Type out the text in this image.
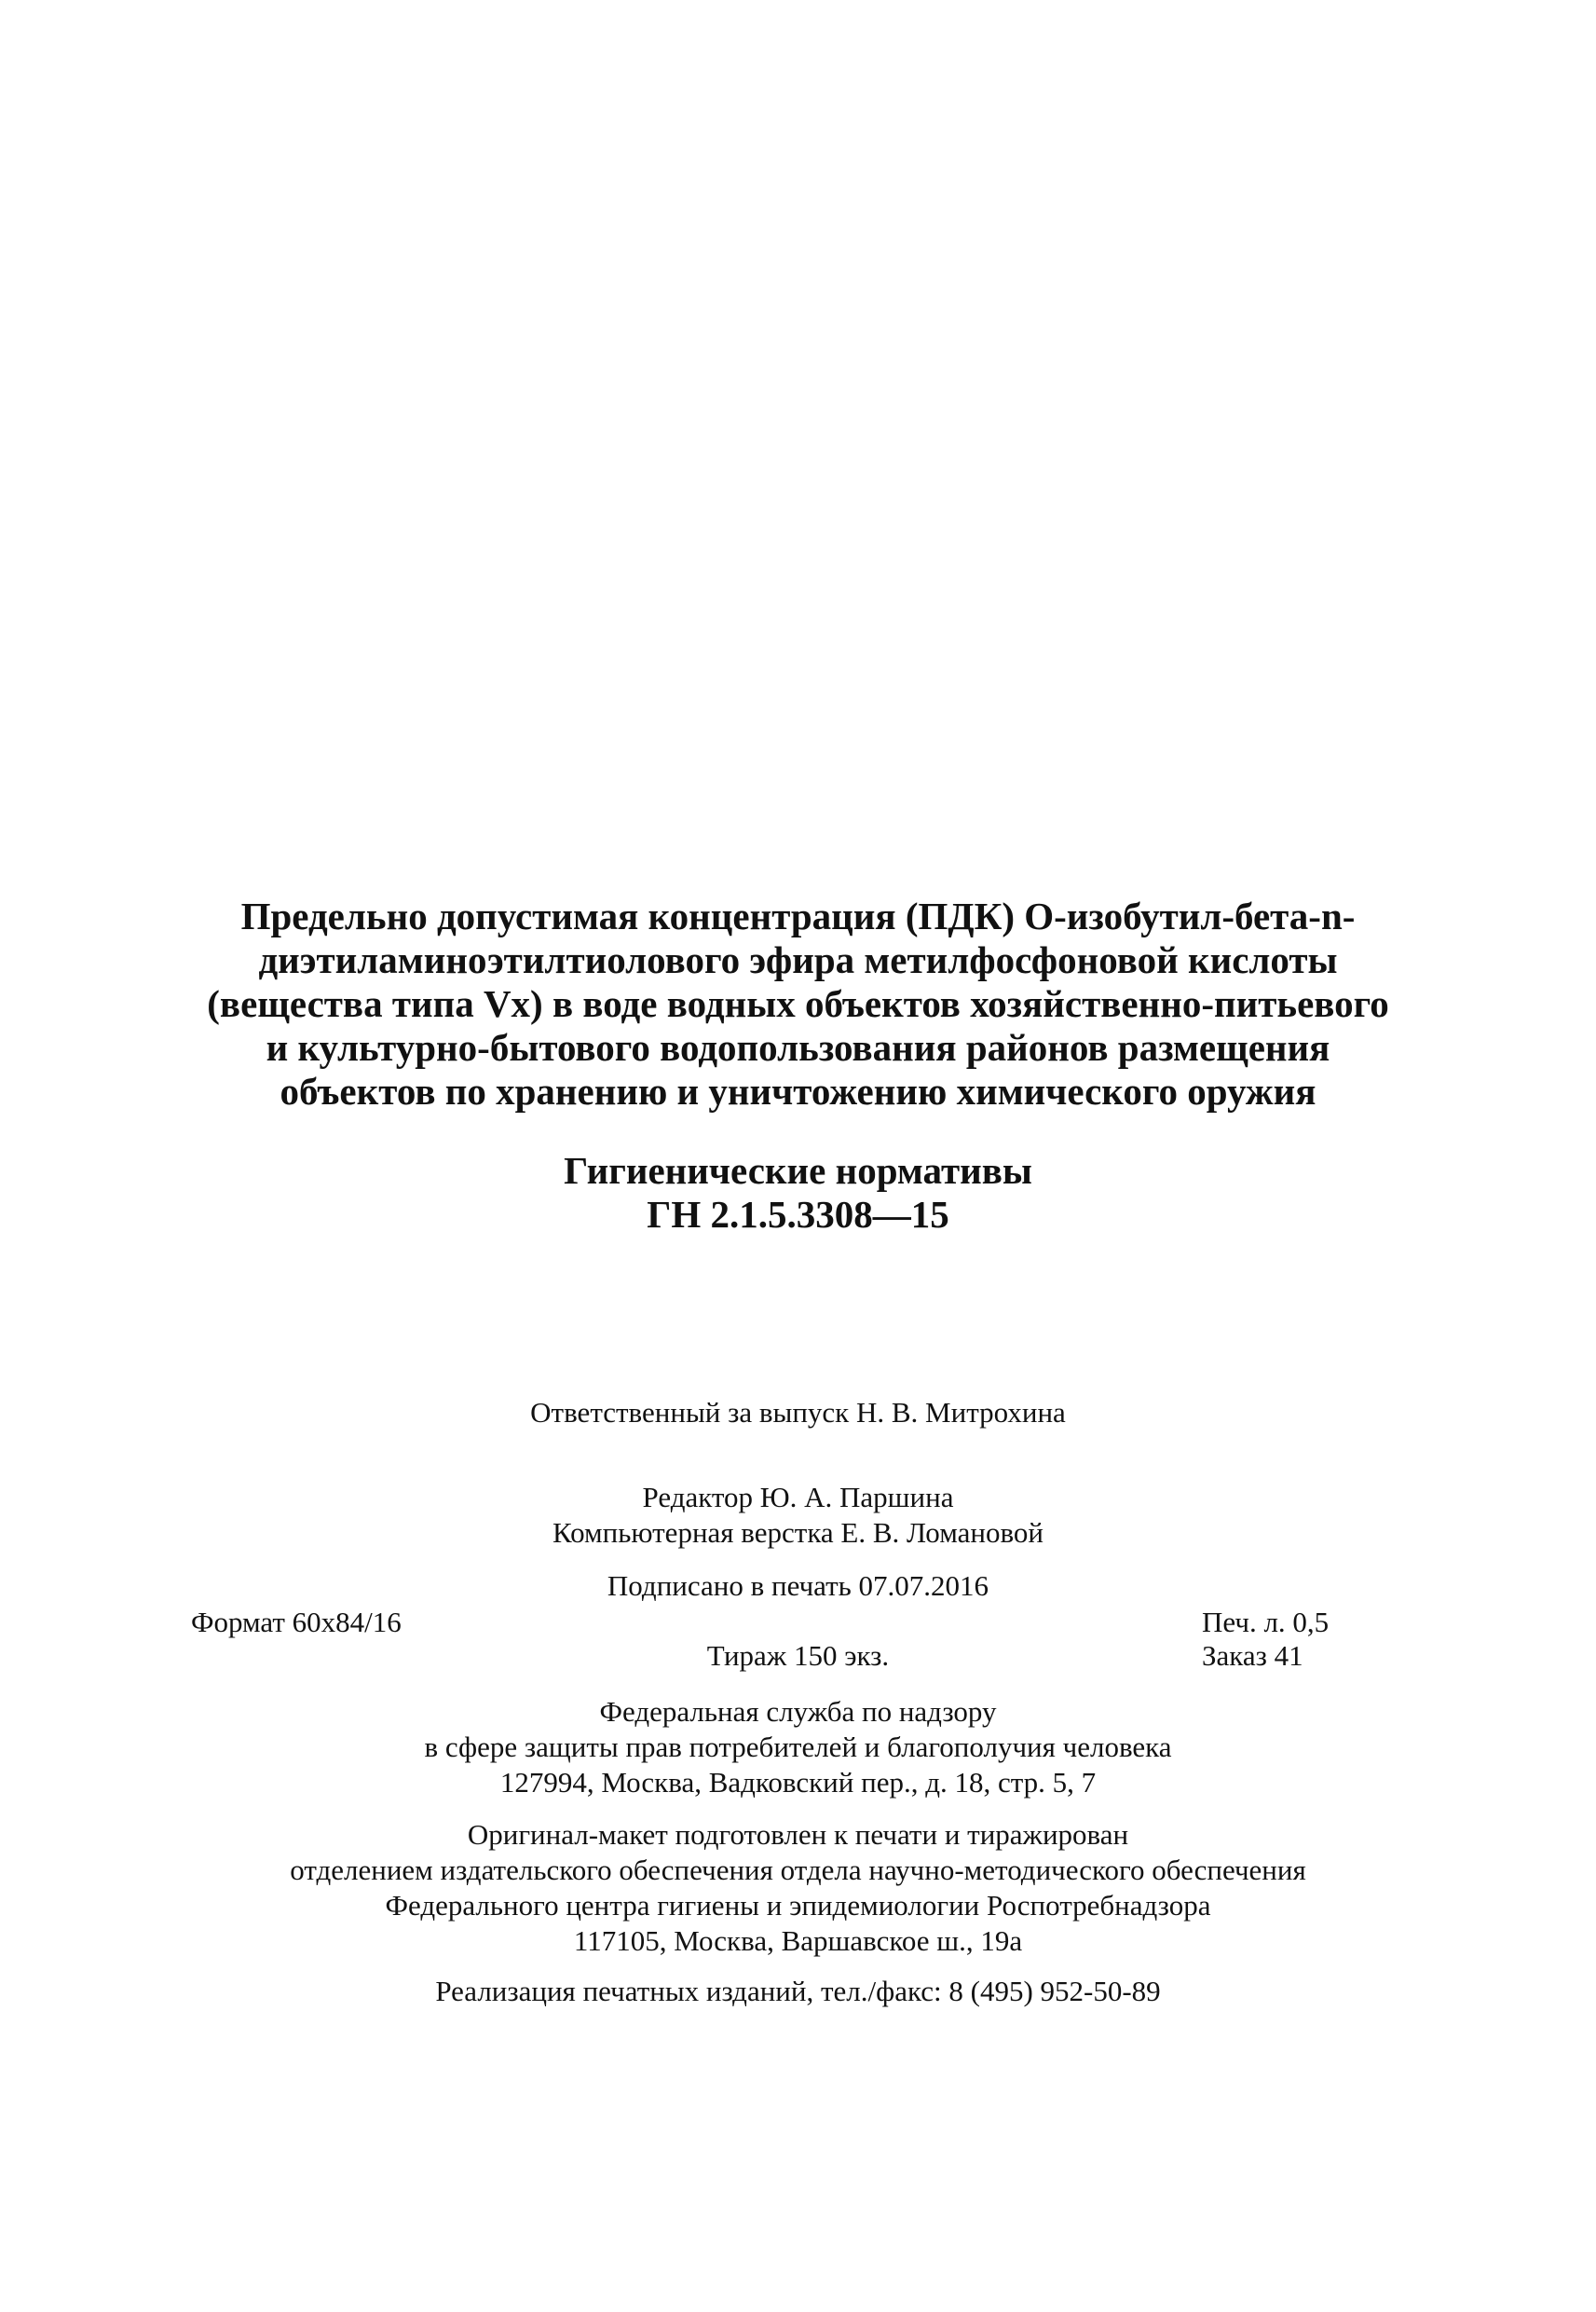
Предельно допустимая концентрация (ПДК) О-изобутил-бета-n-
диэтиламиноэтилтиолового эфира метилфосфоновой кислоты
(вещества типа Vx) в воде водных объектов хозяйственно-питьевого
и культурно-бытового водопользования районов размещения
объектов по хранению и уничтожению химического оружия
Гигиенические нормативы
ГН 2.1.5.3308—15
Ответственный за выпуск Н. В. Митрохина
Редактор Ю. А. Паршина
Компьютерная верстка Е. В. Ломановой
Подписано в печать 07.07.2016
Формат 60x84/16	Печ. л. 0,5
Тираж 150 экз.	Заказ 41
Федеральная служба по надзору
в сфере защиты прав потребителей и благополучия человека
127994, Москва, Вадковский пер., д. 18, стр. 5, 7
Оригинал-макет подготовлен к печати и тиражирован
отделением издательского обеспечения отдела научно-методического обеспечения
Федерального центра гигиены и эпидемиологии Роспотребнадзора
117105, Москва, Варшавское ш., 19а
Реализация печатных изданий, тел./факс: 8 (495) 952-50-89
